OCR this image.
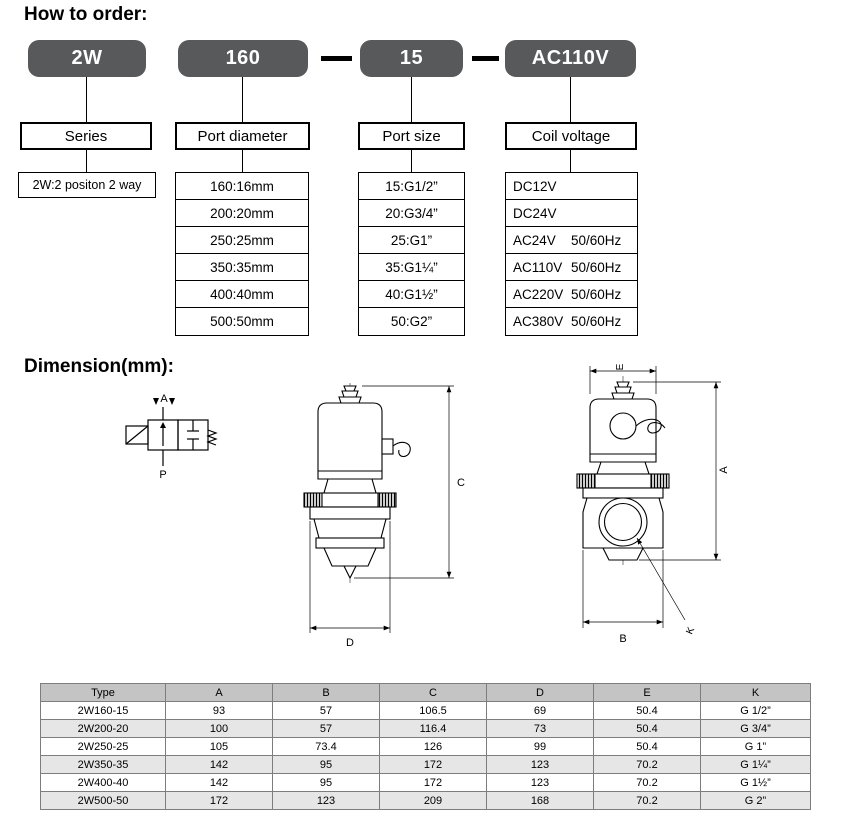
How to order:
2W	160	15	AC110V
Series	Port diameter	Port size	Coil voltage
2W:2 positon 2 way	160:16mm
200:20mm
250:25mm
350:35mm
400:40mm
500:50mm
15:G1/2”
20:G3/4”
25:G1”
35:G1¼”
40:G1½”
50:G2”
DC12V
DC24V
AC24V	50/60Hz
AC110V 50/60Hz
AC220V 50/60Hz
AC380V 50/60Hz
Dimension(mm):
A
P
D
C
E
A
B
K
Type	A	B	C	D	E	K
2W160-15	93	57	106.5	69	50.4	G 1/2”
2W200-20	100	57	116.4	73	50.4	G 3/4”
2W250-25	105	73.4	126	99	50.4	G 1”
2W350-35	142	95	172	123	70.2	G 1¼”
2W400-40	142	95	172	123	70.2	G 1½”
2W500-50	172	123	209	168	70.2	G 2”
